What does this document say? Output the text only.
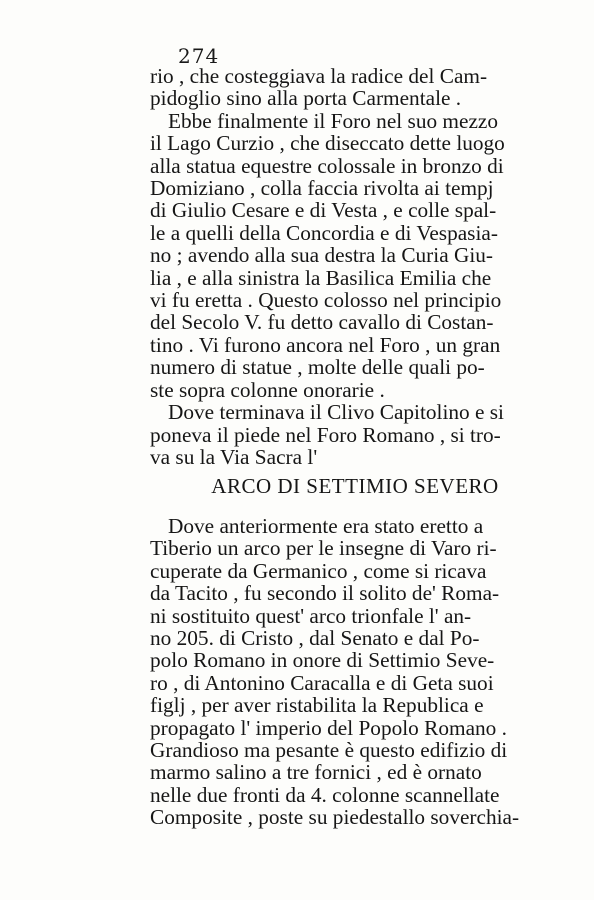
274
rio , che costeggiava la radice del Cam-
pidoglio sino alla porta Carmentale .
Ebbe finalmente il Foro nel suo mezzo
il Lago Curzio , che diseccato dette luogo
alla statua equestre colossale in bronzo di
Domiziano , colla faccia rivolta ai tempj
di Giulio Cesare e di Vesta , e colle spal-
le a quelli della Concordia e di Vespasia-
no ; avendo alla sua destra la Curia Giu-
lia , e alla sinistra la Basilica Emilia che
vi fu eretta . Questo colosso nel principio
del Secolo V. fu detto cavallo di Costan-
tino . Vi furono ancora nel Foro , un gran
numero di statue , molte delle quali po-
ste sopra colonne onorarie .
Dove terminava il Clivo Capitolino e si
poneva il piede nel Foro Romano , si tro-
va su la Via Sacra l'
ARCO DI SETTIMIO SEVERO
Dove anteriormente era stato eretto a
Tiberio un arco per le insegne di Varo ri-
cuperate da Germanico , come si ricava
da Tacito , fu secondo il solito de' Roma-
ni sostituito quest' arco trionfale l' an-
no 205. di Cristo , dal Senato e dal Po-
polo Romano in onore di Settimio Seve-
ro , di Antonino Caracalla e di Geta suoi
figlj , per aver ristabilita la Republica e
propagato l' imperio del Popolo Romano .
Grandioso ma pesante è questo edifizio di
marmo salino a tre fornici , ed è ornato
nelle due fronti da 4. colonne scannellate
Composite , poste su piedestallo soverchia-
